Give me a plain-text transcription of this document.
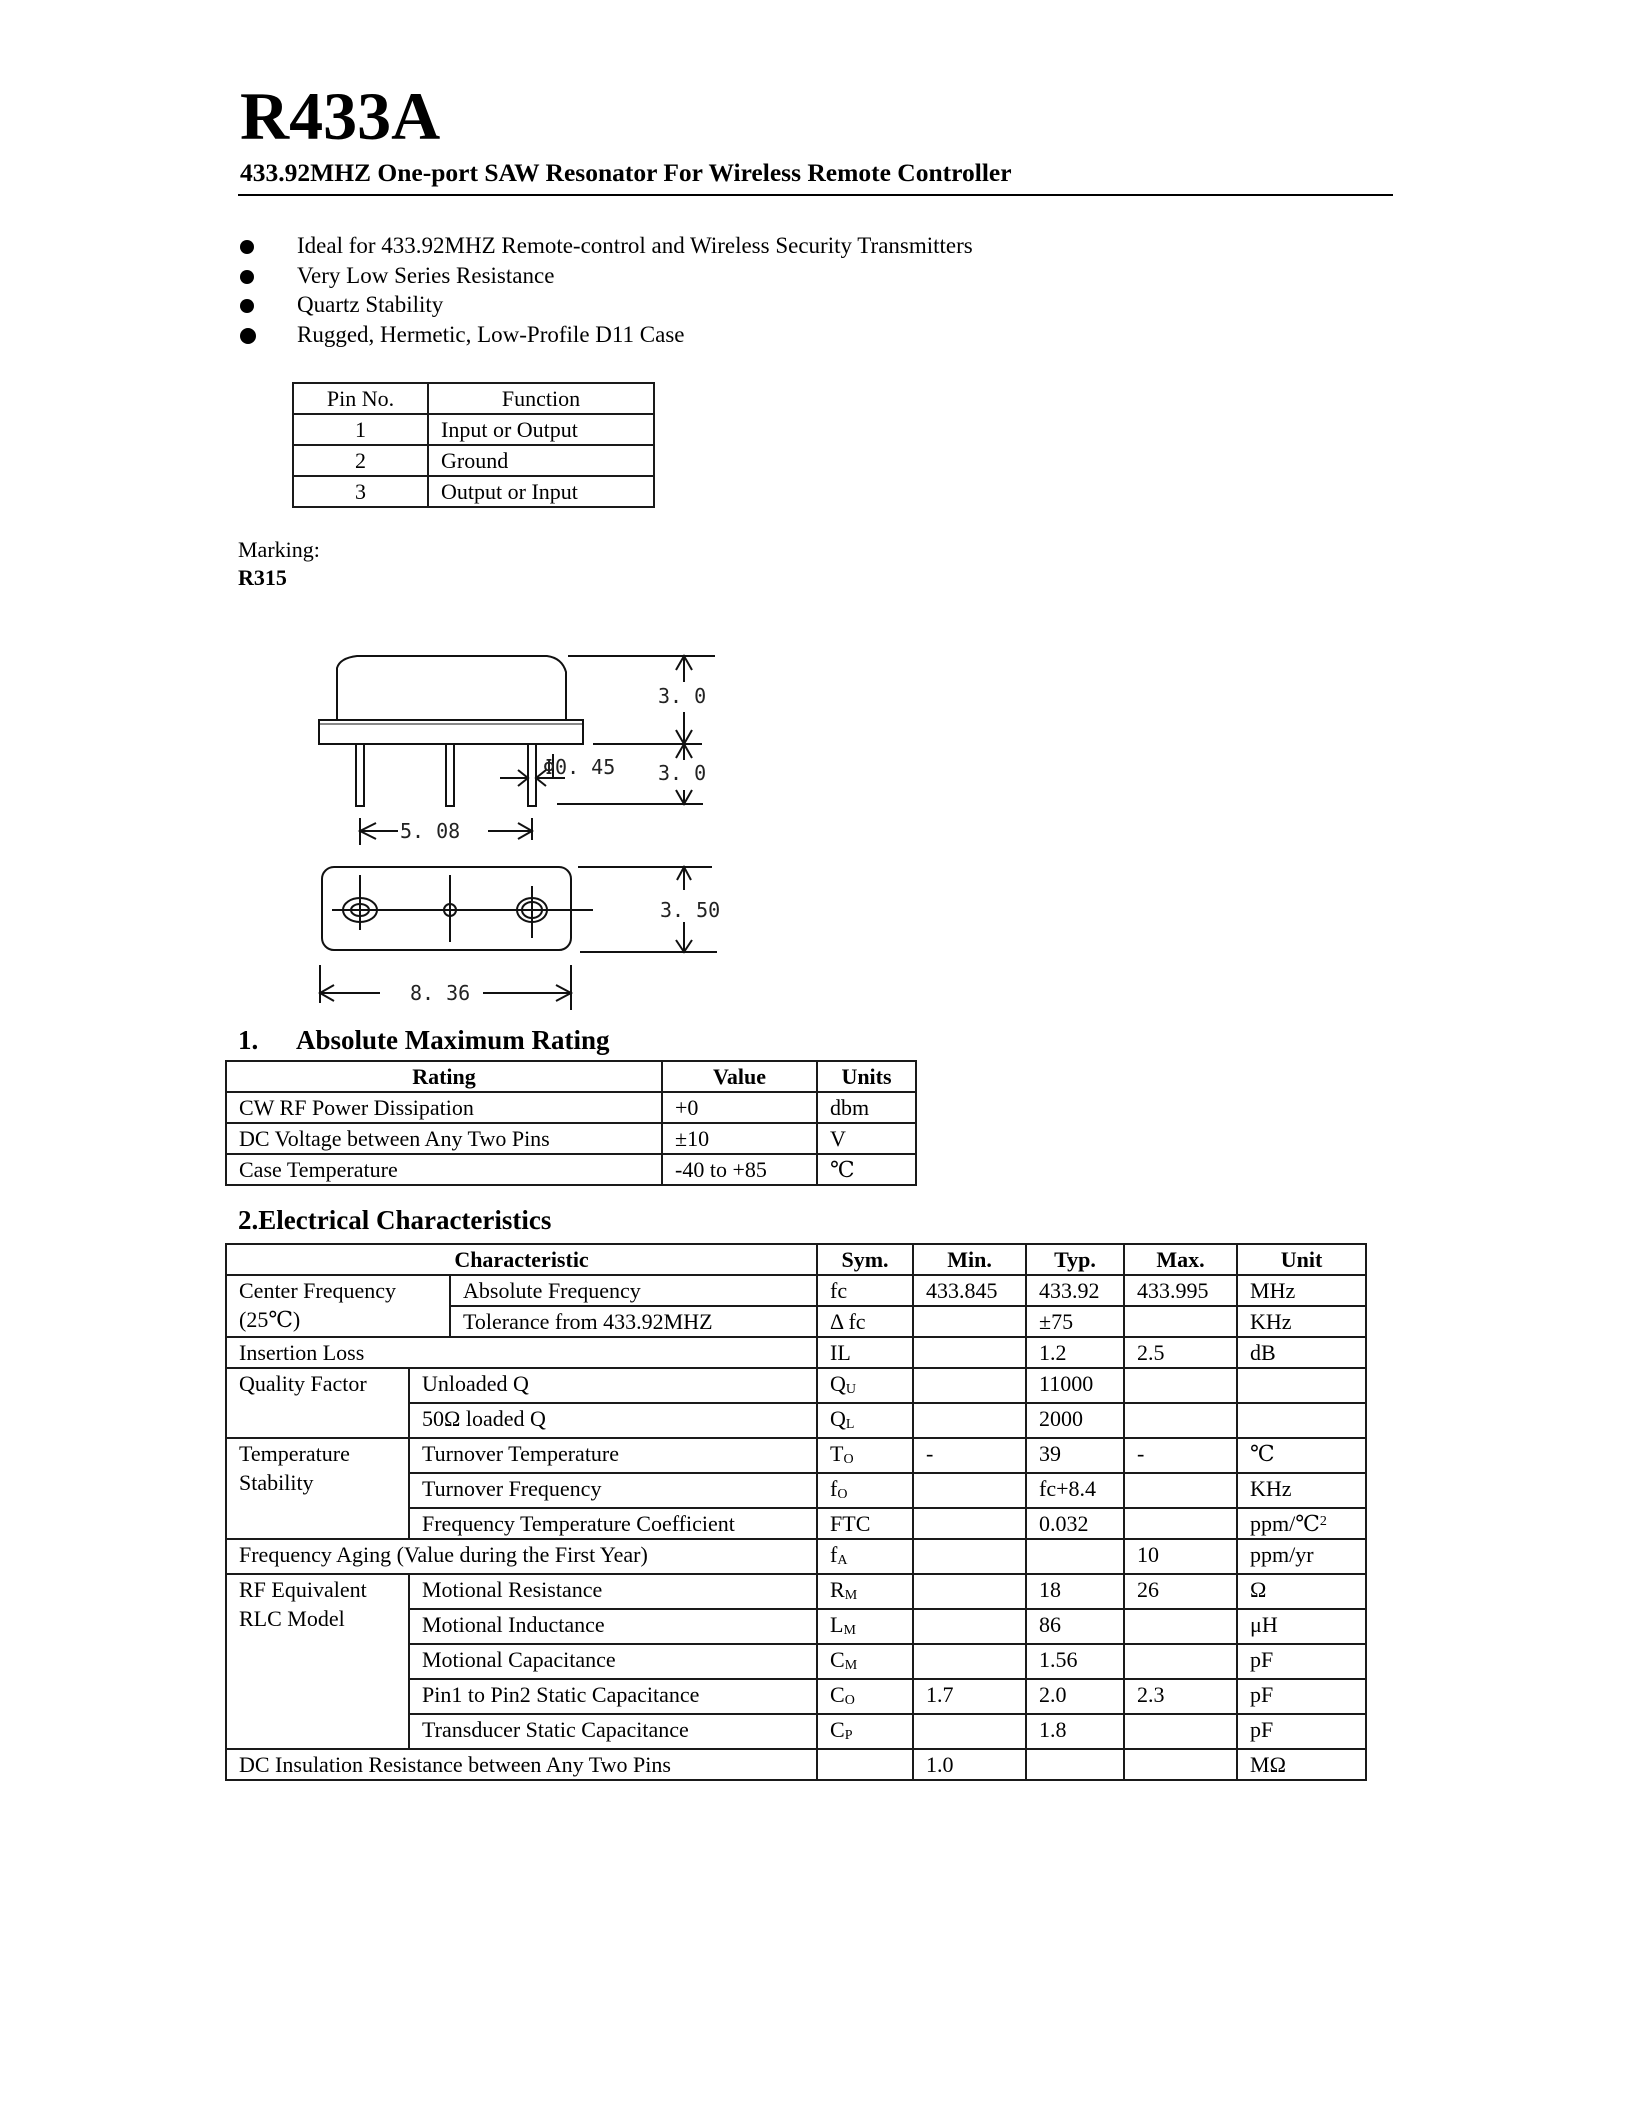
R433A
433.92MHZ One-port SAW Resonator For Wireless Remote Controller
Ideal for 433.92MHZ Remote-control and Wireless Security Transmitters
Very Low Series Resistance
Quartz Stability
Rugged, Hermetic, Low-Profile D11 Case
Pin No.	Function
1	Input or Output
2	Ground
3	Output or Input
Marking:
R315
3. 0
3. 0
Φ0. 45
5. 08
3. 50
8. 36
1. Absolute Maximum Rating
Rating	Value	Units
CW RF Power Dissipation	+0	dbm
DC Voltage between Any Two Pins	±10	V
Case Temperature	-40 to +85	℃
2.Electrical Characteristics
Characteristic			Sym.	Min.	Typ.	Max.	Unit
Center Frequency
(25℃)		Absolute Frequency	fc	433.845	433.92	433.995	MHz
		Tolerance from 433.92MHZ	Δ fc		±75		KHz
Insertion Loss			IL		1.2	2.5	dB
Quality Factor	Unloaded Q		$Q_U$		11000		
	50Ω loaded Q		$Q_L$		2000		
Temperature
Stability	Turnover Temperature		$T_O$	-	39	-	℃
	Turnover Frequency		$f_O$		fc+8.4		KHz
	Frequency Temperature Coefficient		FTC		0.032		ppm/℃$^2$
Frequency Aging (Value during the First Year)			$f_A$			10	ppm/yr
RF Equivalent
RLC Model	Motional Resistance		$R_M$		18	26	Ω
	Motional Inductance		$L_M$		86		μH
	Motional Capacitance		$C_M$		1.56		pF
	Pin1 to Pin2 Static Capacitance		$C_O$	1.7	2.0	2.3	pF
	Transducer Static Capacitance		$C_P$		1.8		pF
DC Insulation Resistance between Any Two Pins				1.0			MΩ
